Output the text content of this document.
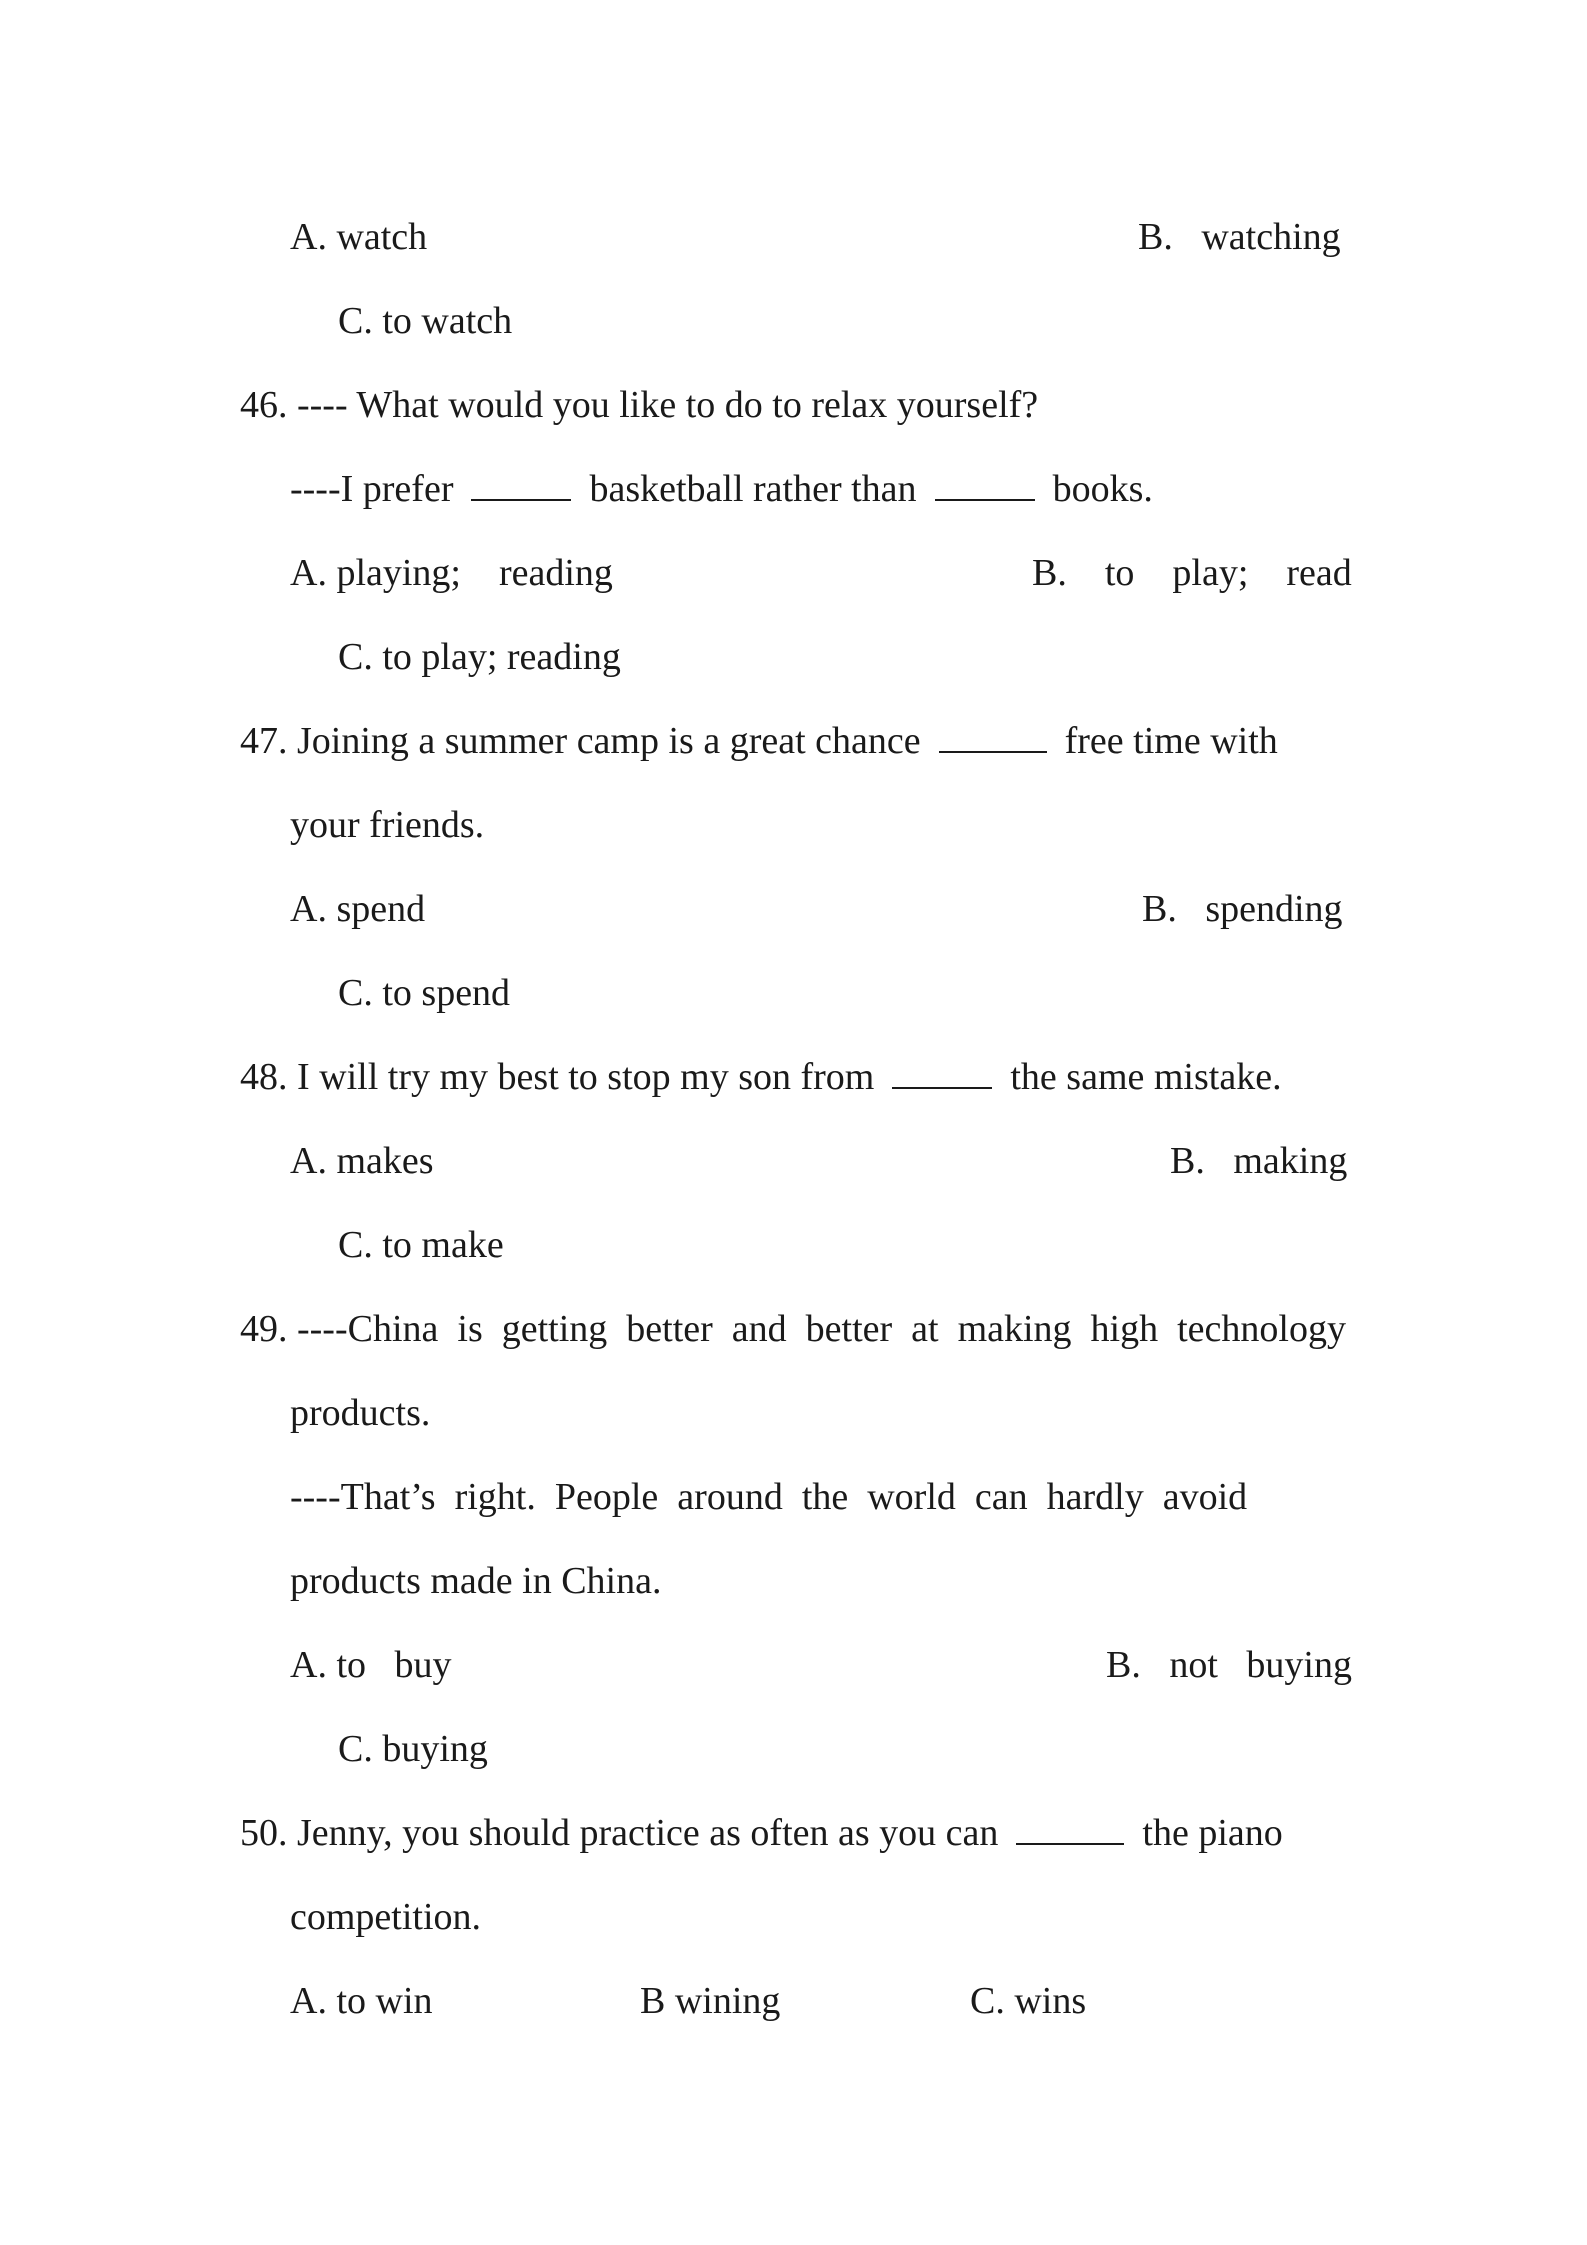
A. watch	B.   watching
C. to watch
46. ---- What would you like to do to relax yourself?
----I prefer	basketball rather than	books.
A. playing;    reading	B.    to    play;    read
C. to play; reading
47. Joining a summer camp is a great chance	free time with
your friends.
A. spend	B.   spending
C. to spend
48. I will try my best to stop my son from	the same mistake.
A. makes	B.   making
C. to make
49. ----China  is  getting  better  and  better  at  making  high  technology
products.
----That’s  right.  People  around  the  world  can  hardly  avoid
products made in China.
A. to   buy	B.   not   buying
C. buying
50. Jenny, you should practice as often as you can	the piano
competition.
A. to win	B wining	C. wins
